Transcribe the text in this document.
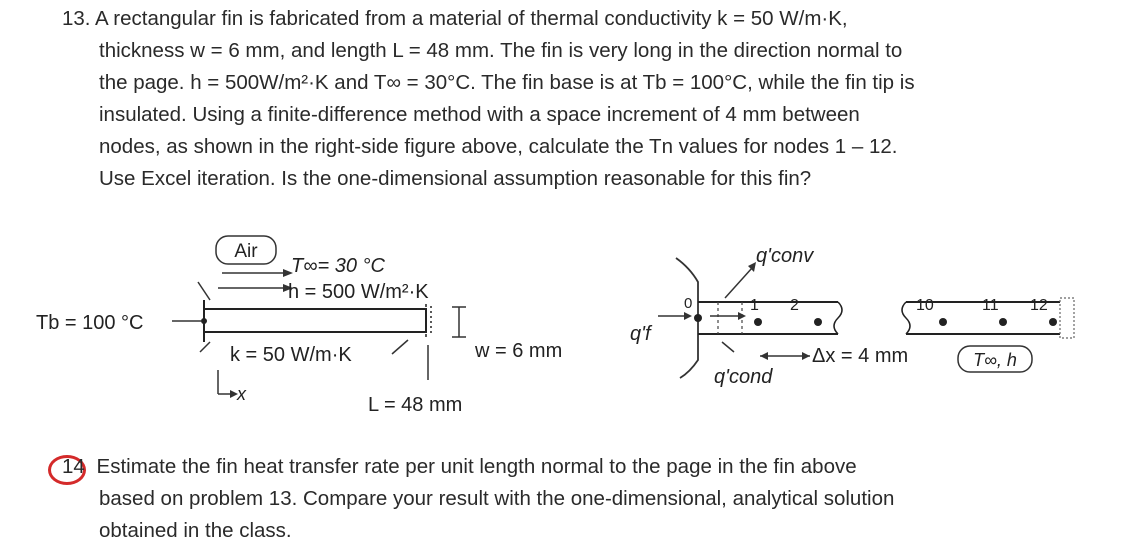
13. A rectangular fin is fabricated from a material of thermal conductivity k = 50 W/m·K,
thickness w = 6 mm, and length L = 48 mm. The fin is very long in the direction normal to
the page. h = 500W/m²·K and T∞ = 30°C. The fin base is at Tb = 100°C, while the fin tip is
insulated. Using a finite-difference method with a space increment of 4 mm between
nodes, as shown in the right-side figure above, calculate the Tn values for nodes 1 – 12.
Use Excel iteration. Is the one-dimensional assumption reasonable for this fin?
Air
T∞= 30 °C
h = 500 W/m²·K
Tb = 100 °C
w = 6 mm
k = 50 W/m·K
L = 48 mm
x
q'f
0	1 2	10	11 12
q'conv
q'cond
Δx = 4 mm	T∞, h
14 Estimate the fin heat transfer rate per unit length normal to the page in the fin above
based on problem 13. Compare your result with the one-dimensional, analytical solution
obtained in the class.
